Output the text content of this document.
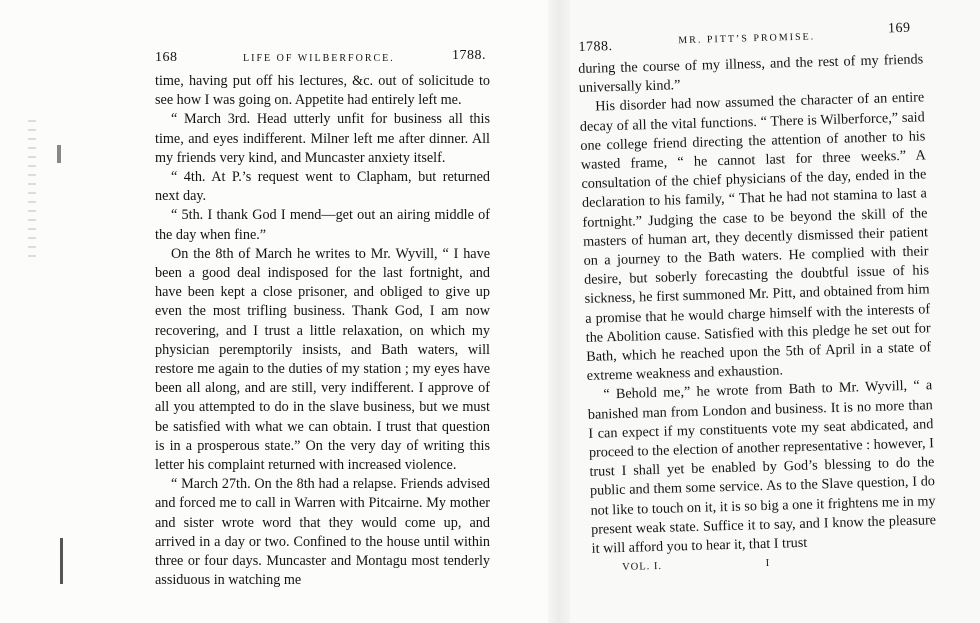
168	LIFE OF WILBERFORCE.	1788.

time, having put off his lectures, &c. out of solicitude to see how I was going on. Appetite had entirely left me.

“ March 3rd. Head utterly unfit for business all this time, and eyes indifferent. Milner left me after dinner. All my friends very kind, and Muncaster anxiety itself.

“ 4th. At P.’s request went to Clapham, but returned next day.

“ 5th. I thank God I mend—get out an airing middle of the day when fine.”

On the 8th of March he writes to Mr. Wyvill, “ I have been a good deal indisposed for the last fortnight, and have been kept a close prisoner, and obliged to give up even the most trifling business. Thank God, I am now recovering, and I trust a little relaxation, on which my physician peremptorily insists, and Bath waters, will restore me again to the duties of my station ; my eyes have been all along, and are still, very indifferent. I approve of all you attempted to do in the slave business, but we must be satisfied with what we can obtain. I trust that question is in a prosperous state.” On the very day of writing this letter his complaint returned with increased violence.

“ March 27th. On the 8th had a relapse. Friends advised and forced me to call in Warren with Pitcairne. My mother and sister wrote word that they would come up, and arrived in a day or two. Confined to the house until within three or four days. Muncaster and Montagu most tenderly assiduous in watching me

1788.
MR. PITT’S PROMISE.
169

during the course of my illness, and the rest of my friends universally kind.”

His disorder had now assumed the character of an entire decay of all the vital functions. “ There is Wilberforce,” said one college friend directing the attention of another to his wasted frame, “ he cannot last for three weeks.” A consultation of the chief physicians of the day, ended in the declaration to his family, “ That he had not stamina to last a fortnight.” Judging the case to be beyond the skill of the masters of human art, they decently dismissed their patient on a journey to the Bath waters. He complied with their desire, but soberly forecasting the doubtful issue of his sickness, he first summoned Mr. Pitt, and obtained from him a promise that he would charge himself with the interests of the Abolition cause. Satisfied with this pledge he set out for Bath, which he reached upon the 5th of April in a state of extreme weakness and exhaustion.

“ Behold me,” he wrote from Bath to Mr. Wyvill, “ a banished man from London and business. It is no more than I can expect if my constituents vote my seat abdicated, and proceed to the election of another representative : however, I trust I shall yet be enabled by God’s blessing to do the public and them some service. As to the Slave question, I do not like to touch on it, it is so big a one it frightens me in my present weak state. Suffice it to say, and I know the pleasure it will afford you to hear it, that I trust

VOL. I.	I
